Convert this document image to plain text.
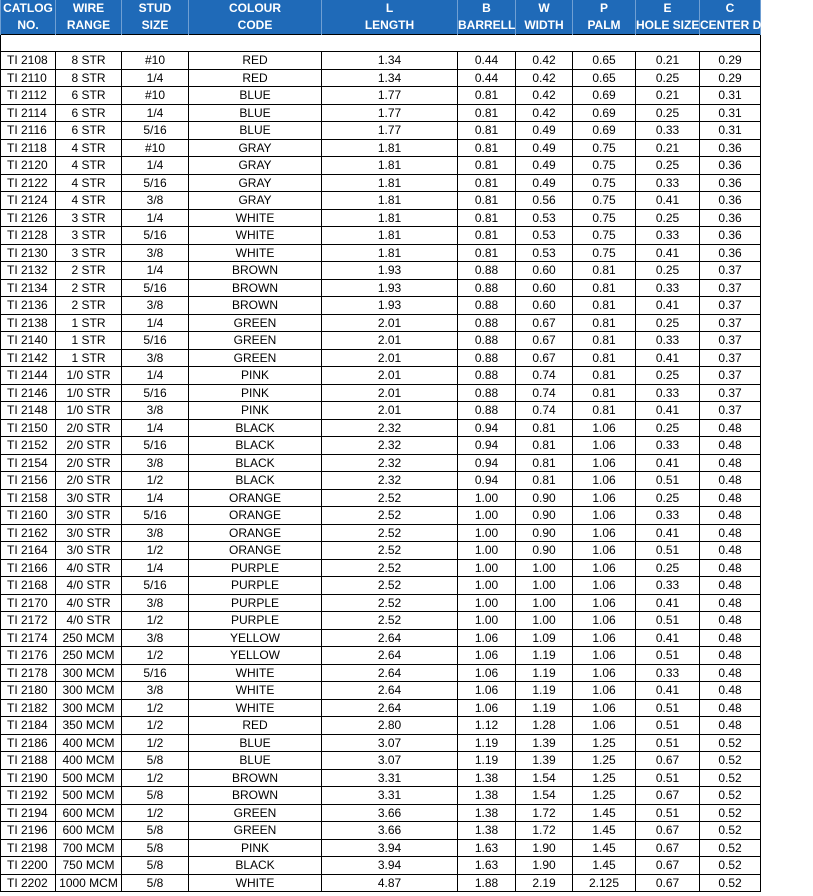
CATLOG	WIRE	STUD	COLOUR	L	B	W	P	E	C
NO.	RANGE	SIZE	CODE	LENGTH	BARRELL	WIDTH	PALM	HOLE SIZE	CENTER DISTANCE

TI 2108	8 STR	#10	RED	1.34	0.44	0.42	0.65	0.21	0.29
TI 2110	8 STR	1/4	RED	1.34	0.44	0.42	0.65	0.25	0.29
TI 2112	6 STR	#10	BLUE	1.77	0.81	0.42	0.69	0.21	0.31
TI 2114	6 STR	1/4	BLUE	1.77	0.81	0.42	0.69	0.25	0.31
TI 2116	6 STR	5/16	BLUE	1.77	0.81	0.49	0.69	0.33	0.31
TI 2118	4 STR	#10	GRAY	1.81	0.81	0.49	0.75	0.21	0.36
TI 2120	4 STR	1/4	GRAY	1.81	0.81	0.49	0.75	0.25	0.36
TI 2122	4 STR	5/16	GRAY	1.81	0.81	0.49	0.75	0.33	0.36
TI 2124	4 STR	3/8	GRAY	1.81	0.81	0.56	0.75	0.41	0.36
TI 2126	3 STR	1/4	WHITE	1.81	0.81	0.53	0.75	0.25	0.36
TI 2128	3 STR	5/16	WHITE	1.81	0.81	0.53	0.75	0.33	0.36
TI 2130	3 STR	3/8	WHITE	1.81	0.81	0.53	0.75	0.41	0.36
TI 2132	2 STR	1/4	BROWN	1.93	0.88	0.60	0.81	0.25	0.37
TI 2134	2 STR	5/16	BROWN	1.93	0.88	0.60	0.81	0.33	0.37
TI 2136	2 STR	3/8	BROWN	1.93	0.88	0.60	0.81	0.41	0.37
TI 2138	1 STR	1/4	GREEN	2.01	0.88	0.67	0.81	0.25	0.37
TI 2140	1 STR	5/16	GREEN	2.01	0.88	0.67	0.81	0.33	0.37
TI 2142	1 STR	3/8	GREEN	2.01	0.88	0.67	0.81	0.41	0.37
TI 2144	1/0 STR	1/4	PINK	2.01	0.88	0.74	0.81	0.25	0.37
TI 2146	1/0 STR	5/16	PINK	2.01	0.88	0.74	0.81	0.33	0.37
TI 2148	1/0 STR	3/8	PINK	2.01	0.88	0.74	0.81	0.41	0.37
TI 2150	2/0 STR	1/4	BLACK	2.32	0.94	0.81	1.06	0.25	0.48
TI 2152	2/0 STR	5/16	BLACK	2.32	0.94	0.81	1.06	0.33	0.48
TI 2154	2/0 STR	3/8	BLACK	2.32	0.94	0.81	1.06	0.41	0.48
TI 2156	2/0 STR	1/2	BLACK	2.32	0.94	0.81	1.06	0.51	0.48
TI 2158	3/0 STR	1/4	ORANGE	2.52	1.00	0.90	1.06	0.25	0.48
TI 2160	3/0 STR	5/16	ORANGE	2.52	1.00	0.90	1.06	0.33	0.48
TI 2162	3/0 STR	3/8	ORANGE	2.52	1.00	0.90	1.06	0.41	0.48
TI 2164	3/0 STR	1/2	ORANGE	2.52	1.00	0.90	1.06	0.51	0.48
TI 2166	4/0 STR	1/4	PURPLE	2.52	1.00	1.00	1.06	0.25	0.48
TI 2168	4/0 STR	5/16	PURPLE	2.52	1.00	1.00	1.06	0.33	0.48
TI 2170	4/0 STR	3/8	PURPLE	2.52	1.00	1.00	1.06	0.41	0.48
TI 2172	4/0 STR	1/2	PURPLE	2.52	1.00	1.00	1.06	0.51	0.48
TI 2174	250 MCM	3/8	YELLOW	2.64	1.06	1.09	1.06	0.41	0.48
TI 2176	250 MCM	1/2	YELLOW	2.64	1.06	1.19	1.06	0.51	0.48
TI 2178	300 MCM	5/16	WHITE	2.64	1.06	1.19	1.06	0.33	0.48
TI 2180	300 MCM	3/8	WHITE	2.64	1.06	1.19	1.06	0.41	0.48
TI 2182	300 MCM	1/2	WHITE	2.64	1.06	1.19	1.06	0.51	0.48
TI 2184	350 MCM	1/2	RED	2.80	1.12	1.28	1.06	0.51	0.48
TI 2186	400 MCM	1/2	BLUE	3.07	1.19	1.39	1.25	0.51	0.52
TI 2188	400 MCM	5/8	BLUE	3.07	1.19	1.39	1.25	0.67	0.52
TI 2190	500 MCM	1/2	BROWN	3.31	1.38	1.54	1.25	0.51	0.52
TI 2192	500 MCM	5/8	BROWN	3.31	1.38	1.54	1.25	0.67	0.52
TI 2194	600 MCM	1/2	GREEN	3.66	1.38	1.72	1.45	0.51	0.52
TI 2196	600 MCM	5/8	GREEN	3.66	1.38	1.72	1.45	0.67	0.52
TI 2198	700 MCM	5/8	PINK	3.94	1.63	1.90	1.45	0.67	0.52
TI 2200	750 MCM	5/8	BLACK	3.94	1.63	1.90	1.45	0.67	0.52
TI 2202	1000 MCM	5/8	WHITE	4.87	1.88	2.19	2.125	0.67	0.52
